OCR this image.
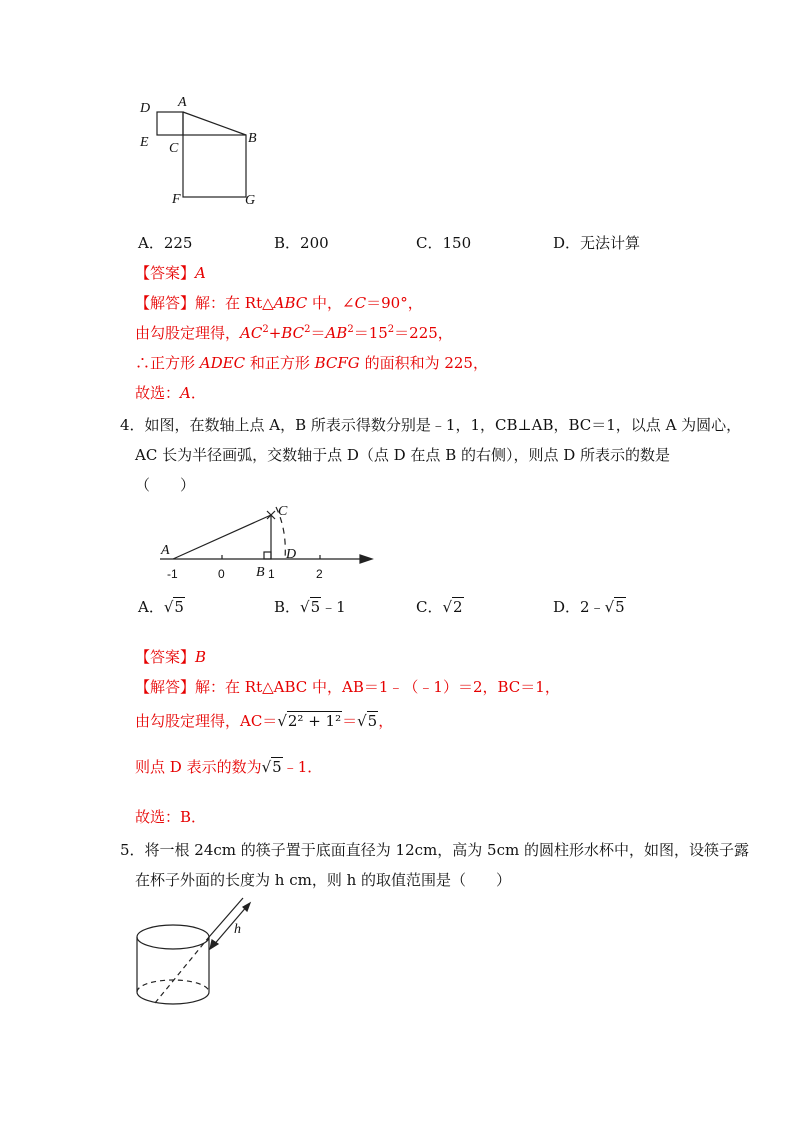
D A
B
E C
F	G
A．225	B．200	C．150	D．无法计算
【答案】A
【解答】解：在 Rt△ABC 中，∠C＝90°，
由勾股定理得，$AC^2+BC^2=AB^2=15^2=225$，
∴正方形 ADEC 和正方形 BCFG 的面积和为 225，
故选：A．
4．如图，在数轴上点 A，B 所表示得数分别是﹣1，1，CB⊥AB，BC＝1，以点 A 为圆心，
AC 长为半径画弧，交数轴于点 D（点 D 在点 B 的右侧），则点 D 所表示的数是
（　　）
C
A
B
D
-1	0	1	2
A．√5	B．√5﹣1	C．√2	D．2﹣√5
【答案】B
【解答】解：在 Rt△ABC 中，AB＝1﹣（﹣1）＝2，BC＝1，
由勾股定理得，AC＝√2² + 1²＝√5，
则点 D 表示的数为√5﹣1．
故选：B．
5．将一根 24cm 的筷子置于底面直径为 12cm，高为 5cm 的圆柱形水杯中，如图，设筷子露
在杯子外面的长度为 h cm，则 h 的取值范围是（　　）
h
